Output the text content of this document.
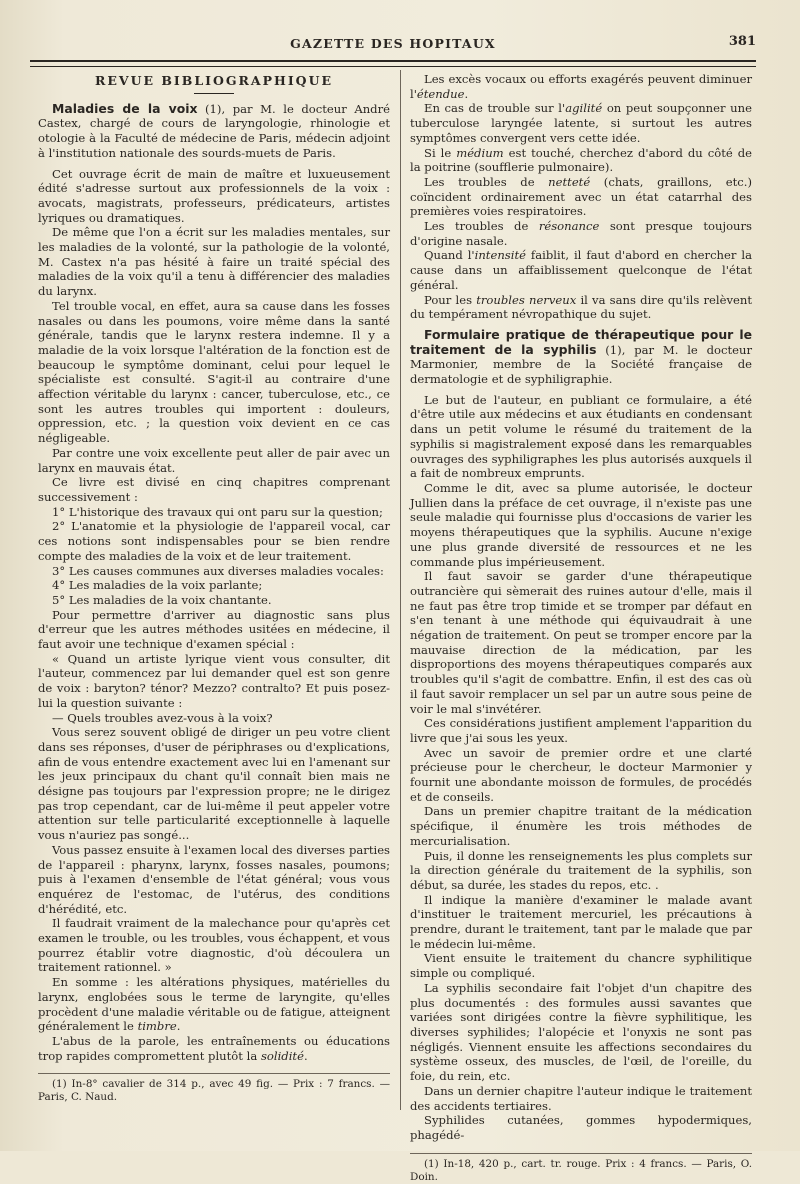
GAZETTE DES HOPITAUX	381
REVUE BIBLIOGRAPHIQUE

Maladies de la voix (1), par M. le docteur André Castex, chargé de cours de laryngologie, rhinologie et otologie à la Faculté de médecine de Paris, médecin adjoint à l'institution nationale des sourds-muets de Paris.

Cet ouvrage écrit de main de maître et luxueusement édité s'adresse surtout aux professionnels de la voix : avocats, magistrats, professeurs, prédicateurs, artistes lyriques ou dramatiques.

De même que l'on a écrit sur les maladies mentales, sur les maladies de la volonté, sur la pathologie de la volonté, M. Castex n'a pas hésité à faire un traité spécial des maladies de la voix qu'il a tenu à différencier des maladies du larynx.

Tel trouble vocal, en effet, aura sa cause dans les fosses nasales ou dans les poumons, voire même dans la santé générale, tandis que le larynx restera indemne. Il y a maladie de la voix lorsque l'altération de la fonction est de beaucoup le symptôme dominant, celui pour lequel le spécialiste est consulté. S'agit-il au contraire d'une affection véritable du larynx : cancer, tuberculose, etc., ce sont les autres troubles qui importent : douleurs, oppression, etc. ; la question voix devient en ce cas négligeable.

Par contre une voix excellente peut aller de pair avec un larynx en mauvais état.

Ce livre est divisé en cinq chapitres comprenant successivement :

1° L'historique des travaux qui ont paru sur la question;

2° L'anatomie et la physiologie de l'appareil vocal, car ces notions sont indispensables pour se bien rendre compte des maladies de la voix et de leur traitement.

3° Les causes communes aux diverses maladies vocales:

4° Les maladies de la voix parlante;

5° Les maladies de la voix chantante.

Pour permettre d'arriver au diagnostic sans plus d'erreur que les autres méthodes usitées en médecine, il faut avoir une technique d'examen spécial :

« Quand un artiste lyrique vient vous consulter, dit l'auteur, commencez par lui demander quel est son genre de voix : baryton? ténor? Mezzo? contralto? Et puis posez-lui la question suivante :

— Quels troubles avez-vous à la voix?

Vous serez souvent obligé de diriger un peu votre client dans ses réponses, d'user de périphrases ou d'explications, afin de vous entendre exactement avec lui en l'amenant sur les jeux principaux du chant qu'il connaît bien mais ne désigne pas toujours par l'expression propre; ne le dirigez pas trop cependant, car de lui-même il peut appeler votre attention sur telle particularité exceptionnelle à laquelle vous n'auriez pas songé...

Vous passez ensuite à l'examen local des diverses parties de l'appareil : pharynx, larynx, fosses nasales, poumons; puis à l'examen d'ensemble de l'état général; vous vous enquérez de l'estomac, de l'utérus, des conditions d'hérédité, etc.

Il faudrait vraiment de la malechance pour qu'après cet examen le trouble, ou les troubles, vous échappent, et vous pourrez établir votre diagnostic, d'où découlera un traitement rationnel. »

En somme : les altérations physiques, matérielles du larynx, englobées sous le terme de laryngite, qu'elles procèdent d'une maladie véritable ou de fatigue, atteignent généralement le timbre.

L'abus de la parole, les entraînements ou éducations trop rapides compromettent plutôt la solidité.

(1) In-8° cavalier de 314 p., avec 49 fig. — Prix : 7 francs. — Paris, C. Naud.

Les excès vocaux ou efforts exagérés peuvent diminuer l'étendue.

En cas de trouble sur l'agilité on peut soupçonner une tuberculose laryngée latente, si surtout les autres symptômes convergent vers cette idée.

Si le médium est touché, cherchez d'abord du côté de la poitrine (soufflerie pulmonaire).

Les troubles de netteté (chats, graillons, etc.) coïncident ordinairement avec un état catarrhal des premières voies respiratoires.

Les troubles de résonance sont presque toujours d'origine nasale.

Quand l'intensité faiblit, il faut d'abord en chercher la cause dans un affaiblissement quelconque de l'état général.

Pour les troubles nerveux il va sans dire qu'ils relèvent du tempérament névropathique du sujet.

Formulaire pratique de thérapeutique pour le traitement de la syphilis (1), par M. le docteur Marmonier, membre de la Société française de dermatologie et de syphiligraphie.

Le but de l'auteur, en publiant ce formulaire, a été d'être utile aux médecins et aux étudiants en condensant dans un petit volume le résumé du traitement de la syphilis si magistralement exposé dans les remarquables ouvrages des syphiligraphes les plus autorisés auxquels il a fait de nombreux emprunts.

Comme le dit, avec sa plume autorisée, le docteur Jullien dans la préface de cet ouvrage, il n'existe pas une seule maladie qui fournisse plus d'occasions de varier les moyens thérapeutiques que la syphilis. Aucune n'exige une plus grande diversité de ressources et ne les commande plus impérieusement.

Il faut savoir se garder d'une thérapeutique outrancière qui sèmerait des ruines autour d'elle, mais il ne faut pas être trop timide et se tromper par défaut en s'en tenant à une méthode qui équivaudrait à une négation de traitement. On peut se tromper encore par la mauvaise direction de la médication, par les disproportions des moyens thérapeutiques comparés aux troubles qu'il s'agit de combattre. Enfin, il est des cas où il faut savoir remplacer un sel par un autre sous peine de voir le mal s'invétérer.

Ces considérations justifient amplement l'apparition du livre que j'ai sous les yeux.

Avec un savoir de premier ordre et une clarté précieuse pour le chercheur, le docteur Marmonier y fournit une abondante moisson de formules, de procédés et de conseils.

Dans un premier chapitre traitant de la médication spécifique, il énumère les trois méthodes de mercurialisation.

Puis, il donne les renseignements les plus complets sur la direction générale du traitement de la syphilis, son début, sa durée, les stades du repos, etc. .

Il indique la manière d'examiner le malade avant d'instituer le traitement mercuriel, les précautions à prendre, durant le traitement, tant par le malade que par le médecin lui-même.

Vient ensuite le traitement du chancre syphilitique simple ou compliqué.

La syphilis secondaire fait l'objet d'un chapitre des plus documentés : des formules aussi savantes que variées sont dirigées contre la fièvre syphilitique, les diverses syphilides; l'alopécie et l'onyxis ne sont pas négligés. Viennent ensuite les affections secondaires du système osseux, des muscles, de l'œil, de l'oreille, du foie, du rein, etc.

Dans un dernier chapitre l'auteur indique le traitement des accidents tertiaires.

Syphilides cutanées, gommes hypodermiques, phagédé-

(1) In-18, 420 p., cart. tr. rouge. Prix : 4 francs. — Paris, O. Doin.
